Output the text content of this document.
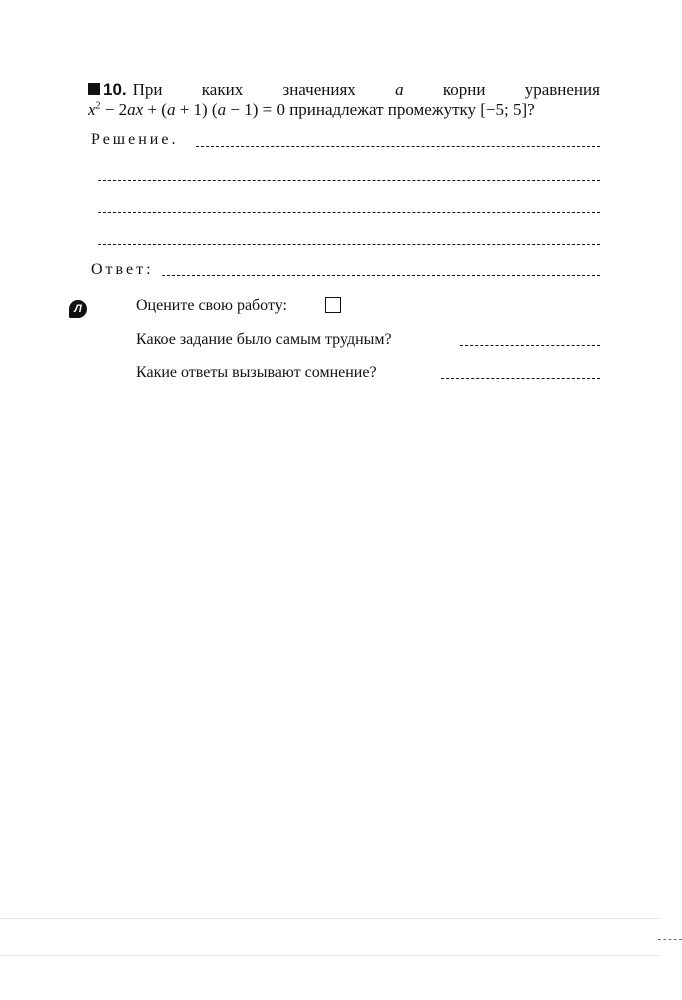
10. При каких значениях a корни уравнения
$x^2 - 2ax + (a + 1) (a - 1) = 0$ принадлежат промежутку [−5; 5]?
Решение.
Ответ:
Л	Оцените свою работу:
Какое задание было самым трудным?
Какие ответы вызывают сомнение?
